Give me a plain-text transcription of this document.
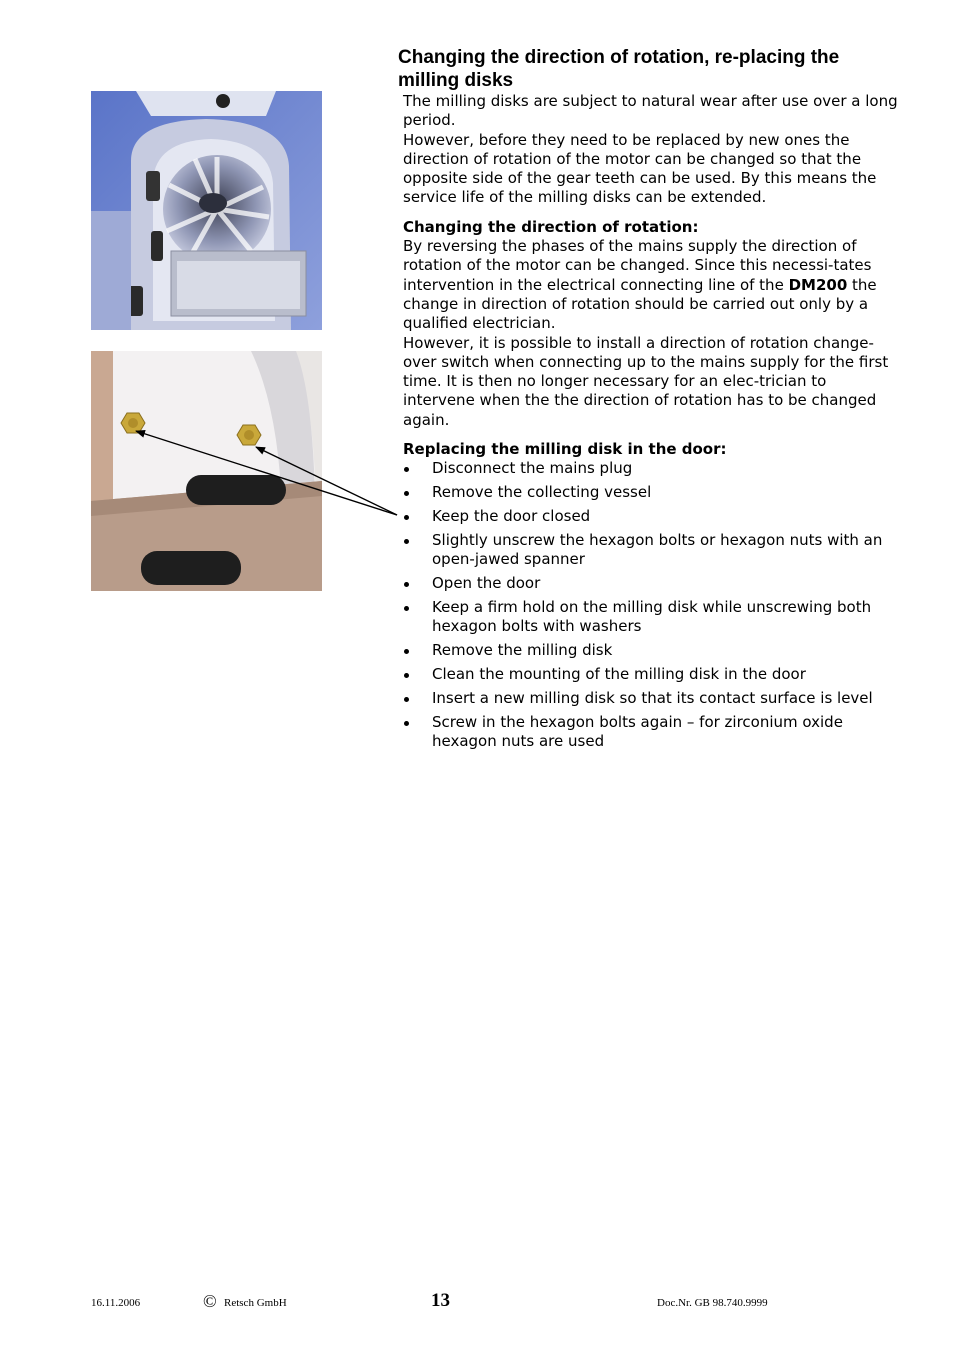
Changing the direction of rotation, re-placing the milling disks

The milling disks are subject to natural wear after use over a long period.

However, before they need to be replaced by new ones the direction of rotation of the motor can be changed so that the opposite side of the gear teeth can be used. By this means the service life of the milling disks can be extended.

Changing the direction of rotation:

By reversing the phases of the mains supply the direction of rotation of the motor can be changed. Since this necessi-tates intervention in the electrical connecting line of the DM200 the change in direction of rotation should be carried out only by a qualified electrician.

However, it is possible to install a direction of rotation change-over switch when connecting up to the mains supply for the first time. It is then no longer necessary for an elec-trician to intervene when the the direction of rotation has to be changed again.

Replacing the milling disk in the door:
Disconnect the mains plug
Remove the collecting vessel
Keep the door closed
Slightly unscrew the hexagon bolts or hexagon nuts with an open-jawed spanner
Open the door
Keep a firm hold on the milling disk while unscrewing both hexagon bolts with washers
Remove the milling disk
Clean the mounting of the milling disk in the door
Insert a new milling disk so that its contact surface is level
Screw in the hexagon bolts again – for zirconium oxide hexagon nuts are used
16.11.2006	© Retsch GmbH	13	Doc.Nr. GB 98.740.9999
